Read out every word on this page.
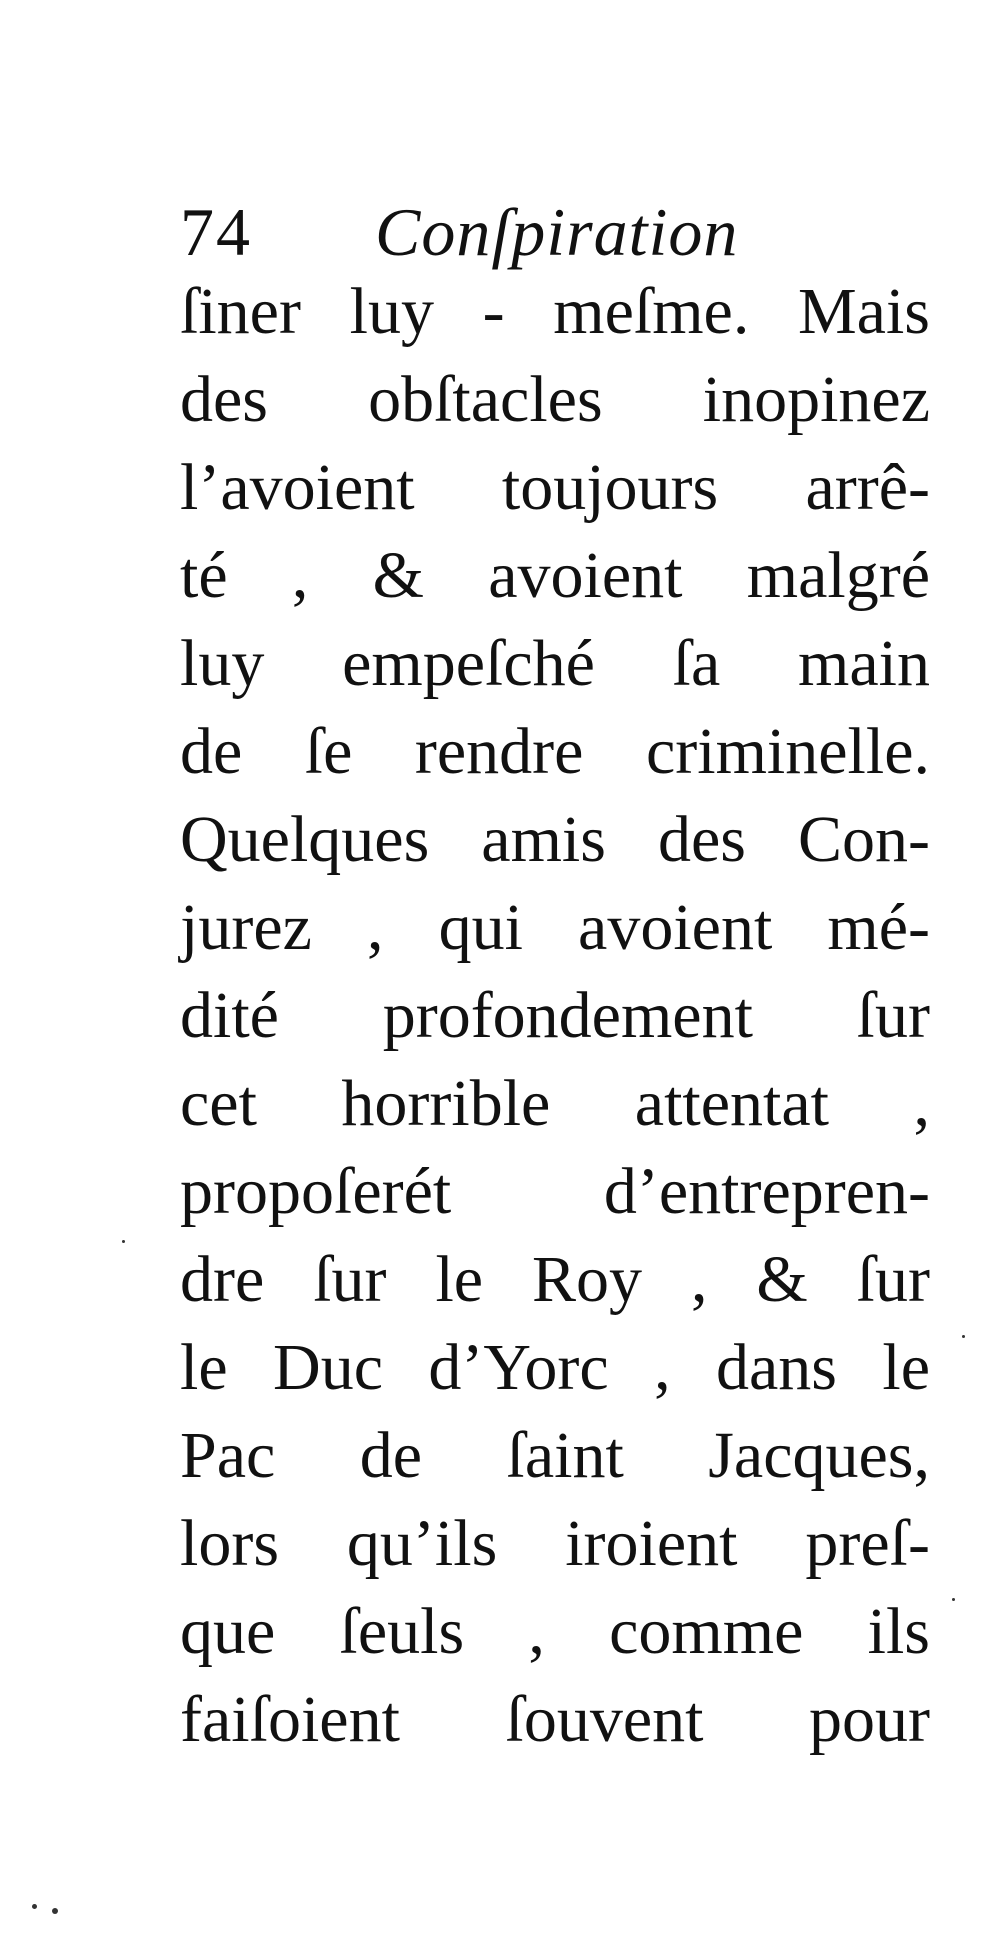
74 Conſpiration
ſiner luy - meſme. Mais
des obſtacles inopinez
l’avoient toujours arrê-
té , & avoient malgré
luy empeſché ſa main
de ſe rendre criminelle.
Quelques amis des Con-
jurez , qui avoient mé-
dité profondement ſur
cet horrible attentat ,
propoſerét d’entrepren-
dre ſur le Roy , & ſur
le Duc d’Yorc , dans le
Pac de ſaint Jacques,
lors qu’ils iroient preſ-
que ſeuls , comme ils
faiſoient ſouvent pour
